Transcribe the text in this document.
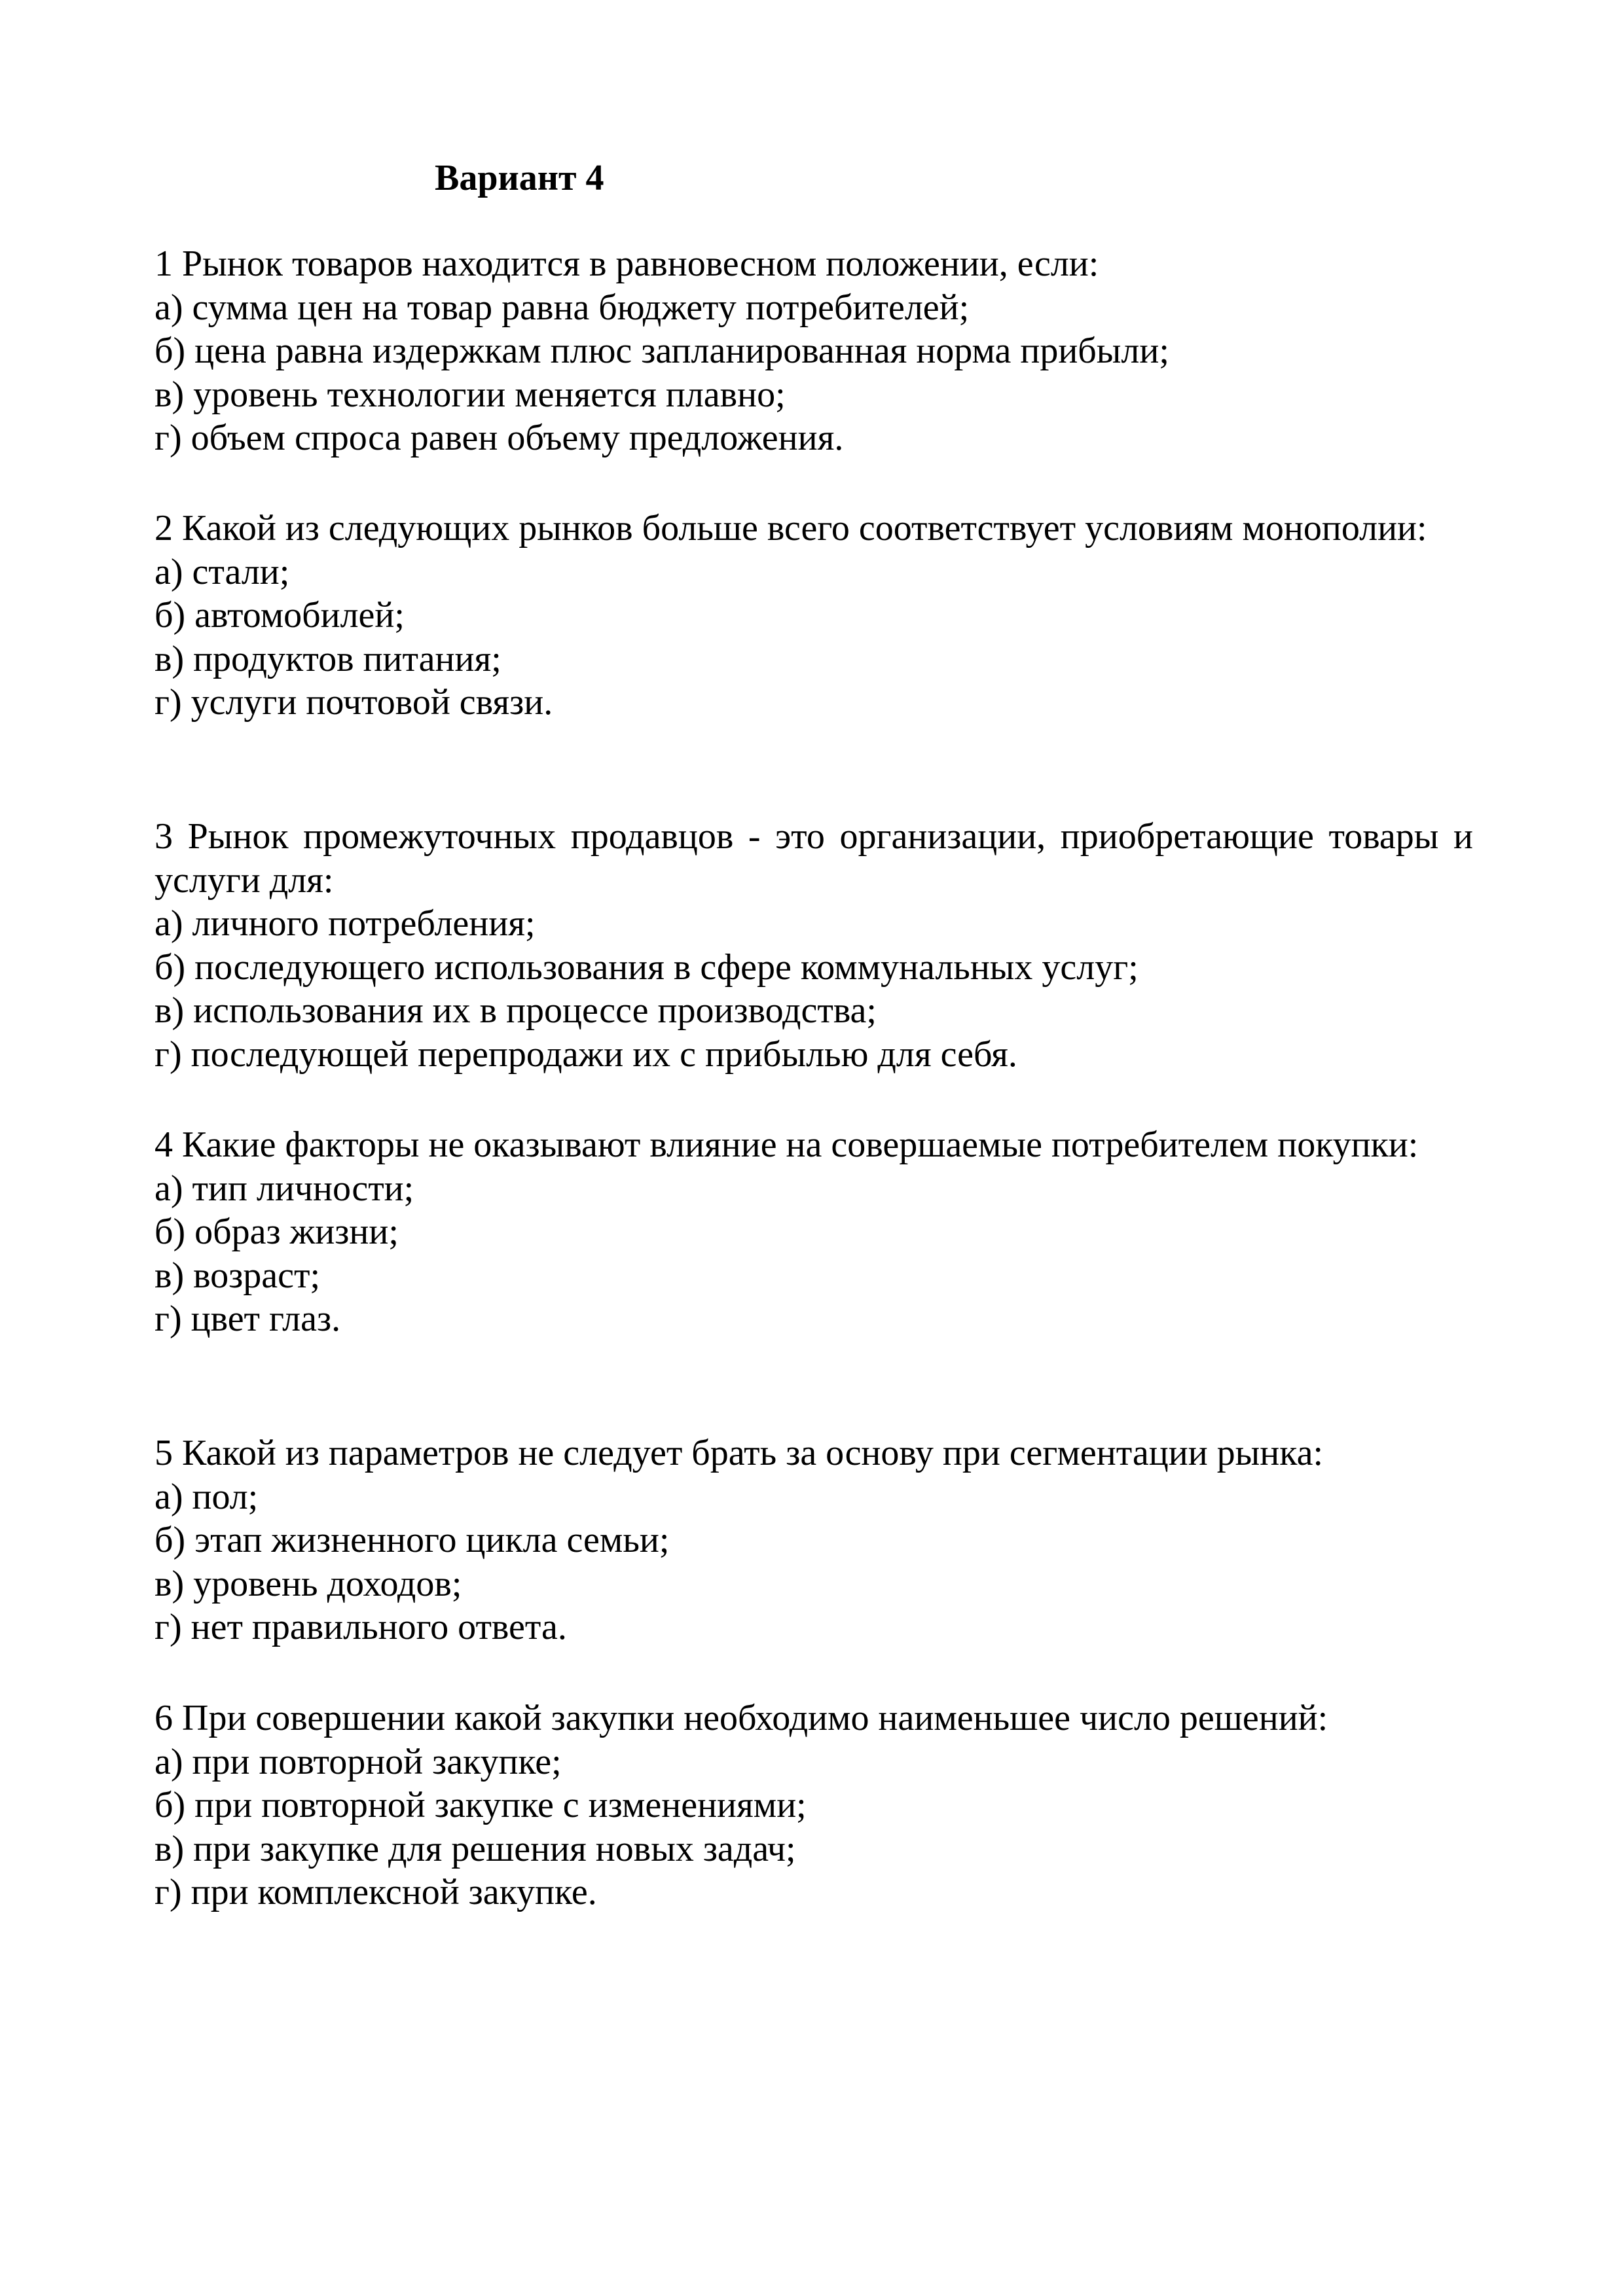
Вариант 4
1 Рынок товаров находится в равновесном положении, если:
а) сумма цен на товар равна бюджету потребителей;
б) цена равна издержкам плюс запланированная норма прибыли;
в) уровень технологии меняется плавно;
г) объем спроса равен объему предложения.
2 Какой из следующих рынков больше всего соответствует условиям монополии:
а) стали;
б) автомобилей;
в) продуктов питания;
г) услуги почтовой связи.
3 Рынок промежуточных продавцов - это организации, приобретающие товары и услуги для:
а) личного потребления;
б) последующего использования в сфере коммунальных услуг;
в) использования их в процессе производства;
г) последующей перепродажи их с прибылью для себя.
4 Какие факторы не оказывают влияние на совершаемые потребителем покупки:
а) тип личности;
б) образ жизни;
в) возраст;
г) цвет глаз.
5 Какой из параметров не следует брать за основу при сегментации рынка:
а) пол;
б) этап жизненного цикла семьи;
в) уровень доходов;
г) нет правильного ответа.
6 При совершении какой закупки необходимо наименьшее число решений:
а) при повторной закупке;
б) при повторной закупке с изменениями;
в) при закупке для решения новых задач;
г) при комплексной закупке.
